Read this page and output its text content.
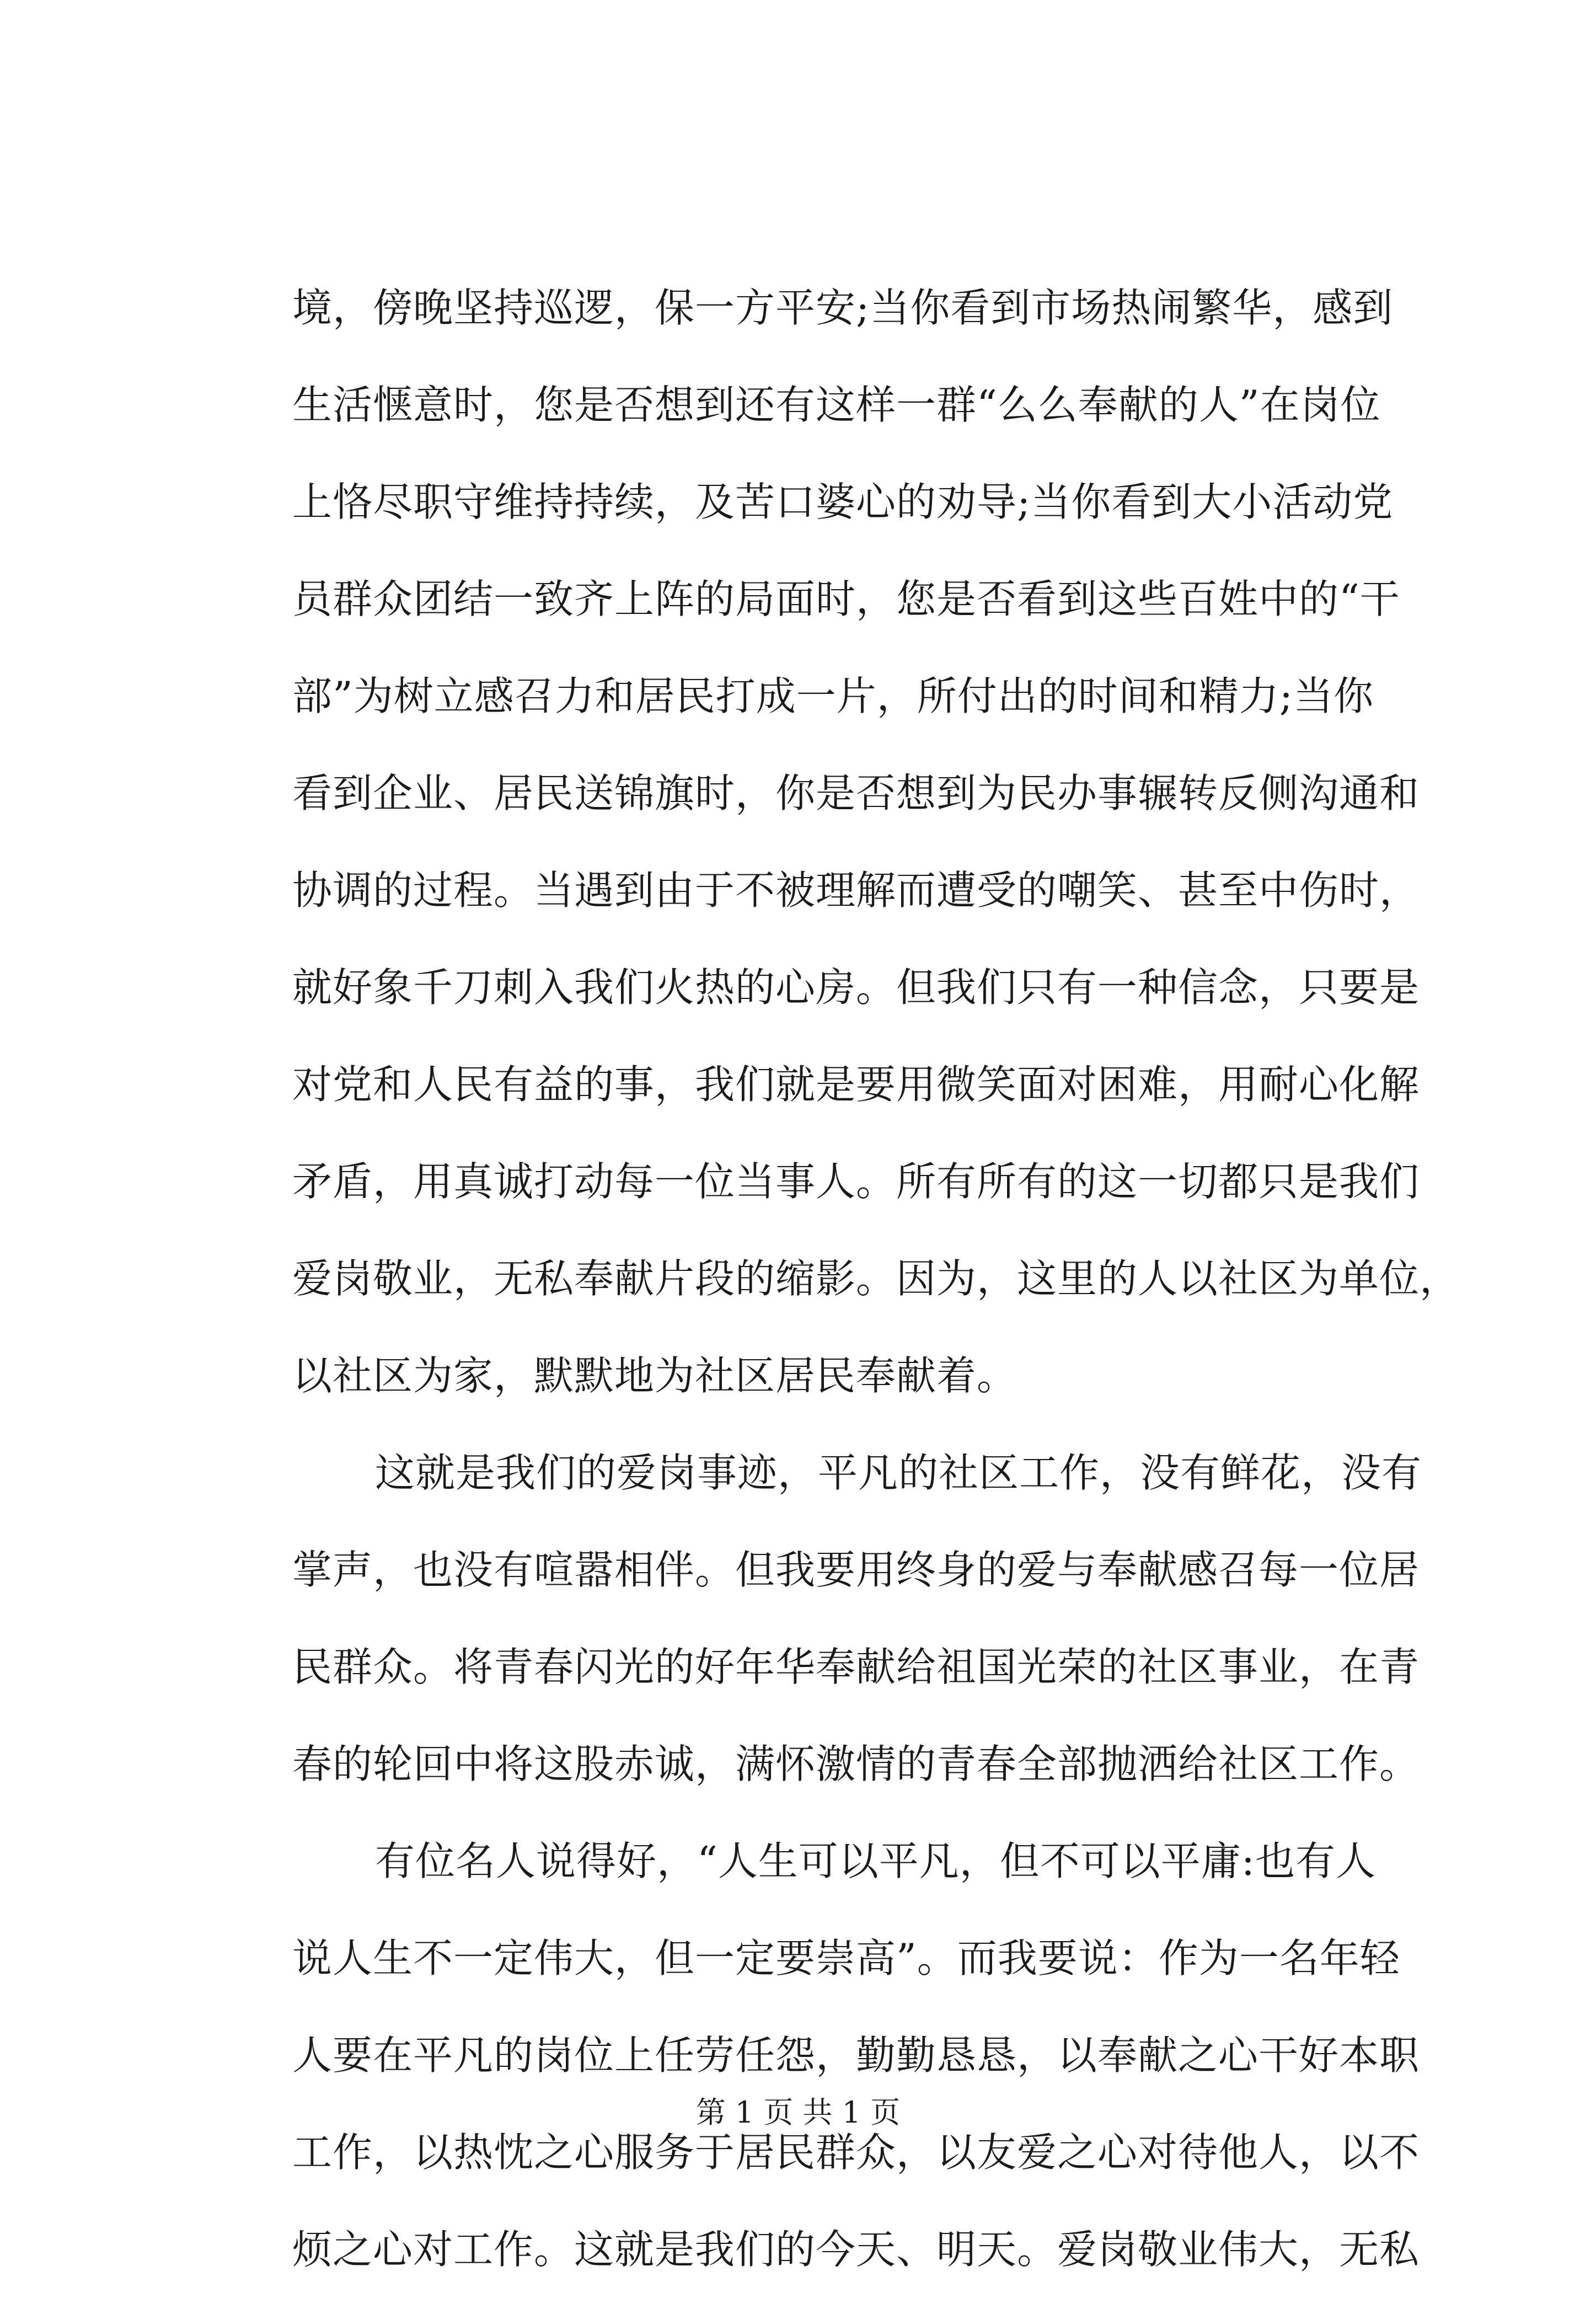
境，傍晚坚持巡逻，保一方平安;当你看到市场热闹繁华，感到
生活惬意时，您是否想到还有这样一群“么么奉献的人”在岗位
上恪尽职守维持持续，及苦口婆心的劝导;当你看到大小活动党
员群众团结一致齐上阵的局面时，您是否看到这些百姓中的“干
部”为树立感召力和居民打成一片，所付出的时间和精力;当你
看到企业、居民送锦旗时，你是否想到为民办事辗转反侧沟通和
协调的过程。当遇到由于不被理解而遭受的嘲笑、甚至中伤时，
就好象千刀刺入我们火热的心房。但我们只有一种信念，只要是
对党和人民有益的事，我们就是要用微笑面对困难，用耐心化解
矛盾，用真诚打动每一位当事人。所有所有的这一切都只是我们
爱岗敬业，无私奉献片段的缩影。因为，这里的人以社区为单位，
以社区为家，默默地为社区居民奉献着。
这就是我们的爱岗事迹，平凡的社区工作，没有鲜花，没有
掌声，也没有喧嚣相伴。但我要用终身的爱与奉献感召每一位居
民群众。将青春闪光的好年华奉献给祖国光荣的社区事业，在青
春的轮回中将这股赤诚，满怀激情的青春全部抛洒给社区工作。
有位名人说得好，“人生可以平凡，但不可以平庸:也有人
说人生不一定伟大，但一定要崇高”。而我要说：作为一名年轻
人要在平凡的岗位上任劳任怨，勤勤恳恳，以奉献之心干好本职
工作，以热忱之心服务于居民群众，以友爱之心对待他人，以不
烦之心对工作。这就是我们的今天、明天。爱岗敬业伟大，无私
第 1 页 共 1 页
